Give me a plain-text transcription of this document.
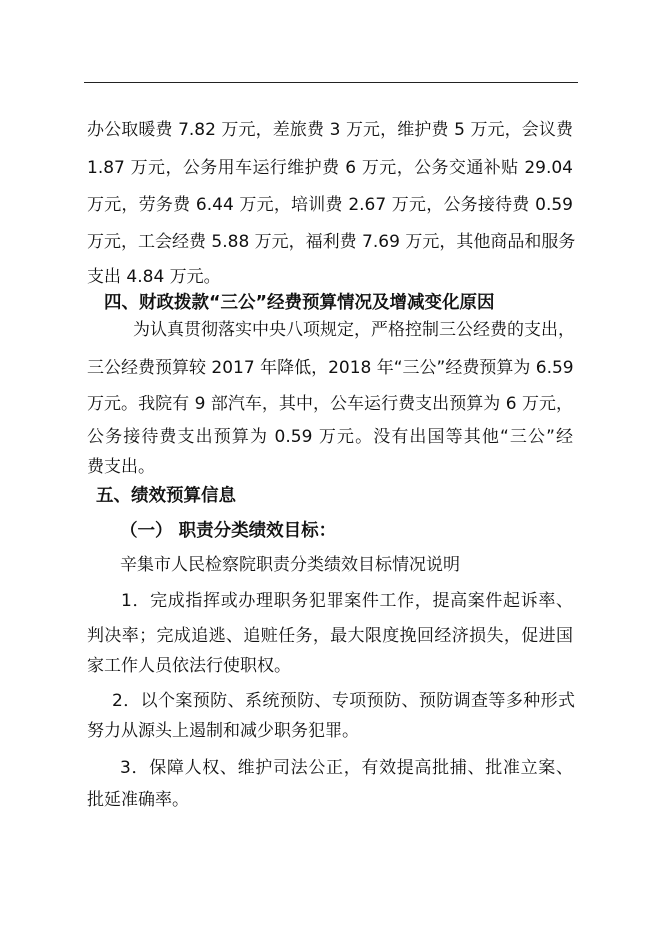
办公取暖费 7.82 万元，差旅费 3 万元，维护费 5 万元，会议费
1.87 万元，公务用车运行维护费 6 万元，公务交通补贴 29.04
万元，劳务费 6.44 万元，培训费 2.67 万元，公务接待费 0.59
万元，工会经费 5.88 万元，福利费 7.69 万元，其他商品和服务
支出 4.84 万元。
四、财政拨款“三公”经费预算情况及增减变化原因
为认真贯彻落实中央八项规定，严格控制三公经费的支出，
三公经费预算较 2017 年降低，2018 年“三公”经费预算为 6.59
万元。我院有 9 部汽车，其中，公车运行费支出预算为 6 万元，
公务接待费支出预算为 0.59 万元。没有出国等其他“三公”经
费支出。
五、绩效预算信息
（一） 职责分类绩效目标：
辛集市人民检察院职责分类绩效目标情况说明
1．完成指挥或办理职务犯罪案件工作，提高案件起诉率、
判决率；完成追逃、追赃任务，最大限度挽回经济损失，促进国
家工作人员依法行使职权。
2．以个案预防、系统预防、专项预防、预防调查等多种形式
努力从源头上遏制和减少职务犯罪。
3．保障人权、维护司法公正，有效提高批捕、批准立案、
批延准确率。
